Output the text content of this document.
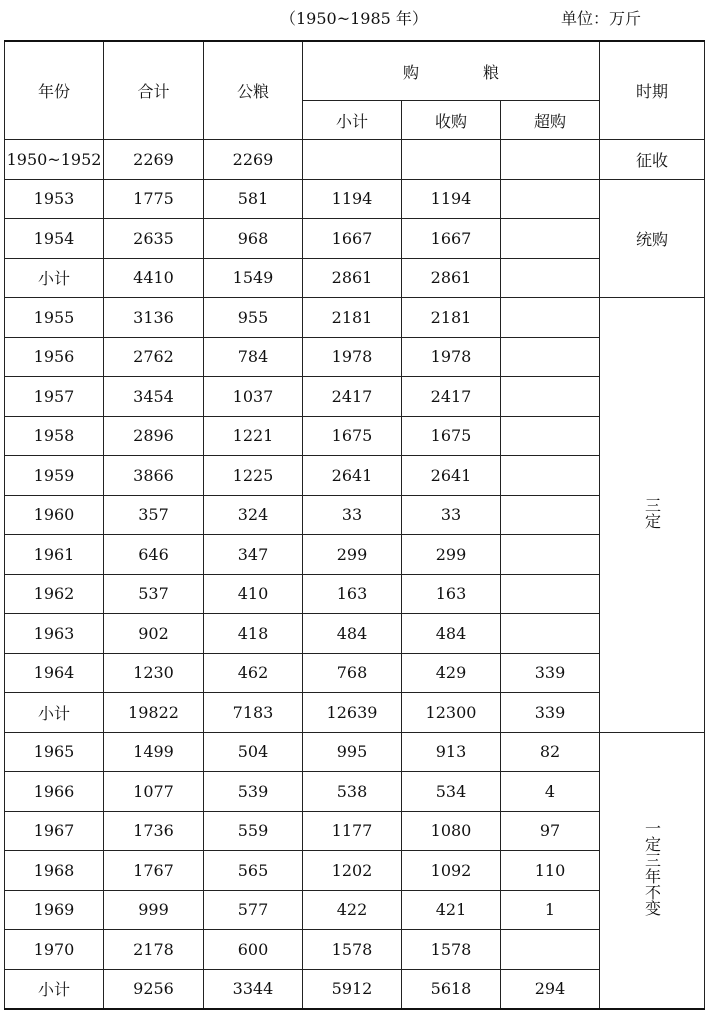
（1950~1985 年）	单位：万斤
年份	合计	公粮	购　　　　粮			时期
			小计	收购	超购	
1950~1952	2269	2269				征收
1953	1775	581	1194	1194		统购
1954	2635	968	1667	1667		
小计	4410	1549	2861	2861		
1955	3136	955	2181	2181		三定
1956	2762	784	1978	1978		
1957	3454	1037	2417	2417		
1958	2896	1221	1675	1675		
1959	3866	1225	2641	2641		
1960	357	324	33	33		
1961	646	347	299	299		
1962	537	410	163	163		
1963	902	418	484	484		
1964	1230	462	768	429	339	
小计	19822	7183	12639	12300	339	
1965	1499	504	995	913	82	一定三年不变
1966	1077	539	538	534	4	
1967	1736	559	1177	1080	97	
1968	1767	565	1202	1092	110	
1969	999	577	422	421	1	
1970	2178	600	1578	1578		
小计	9256	3344	5912	5618	294	
